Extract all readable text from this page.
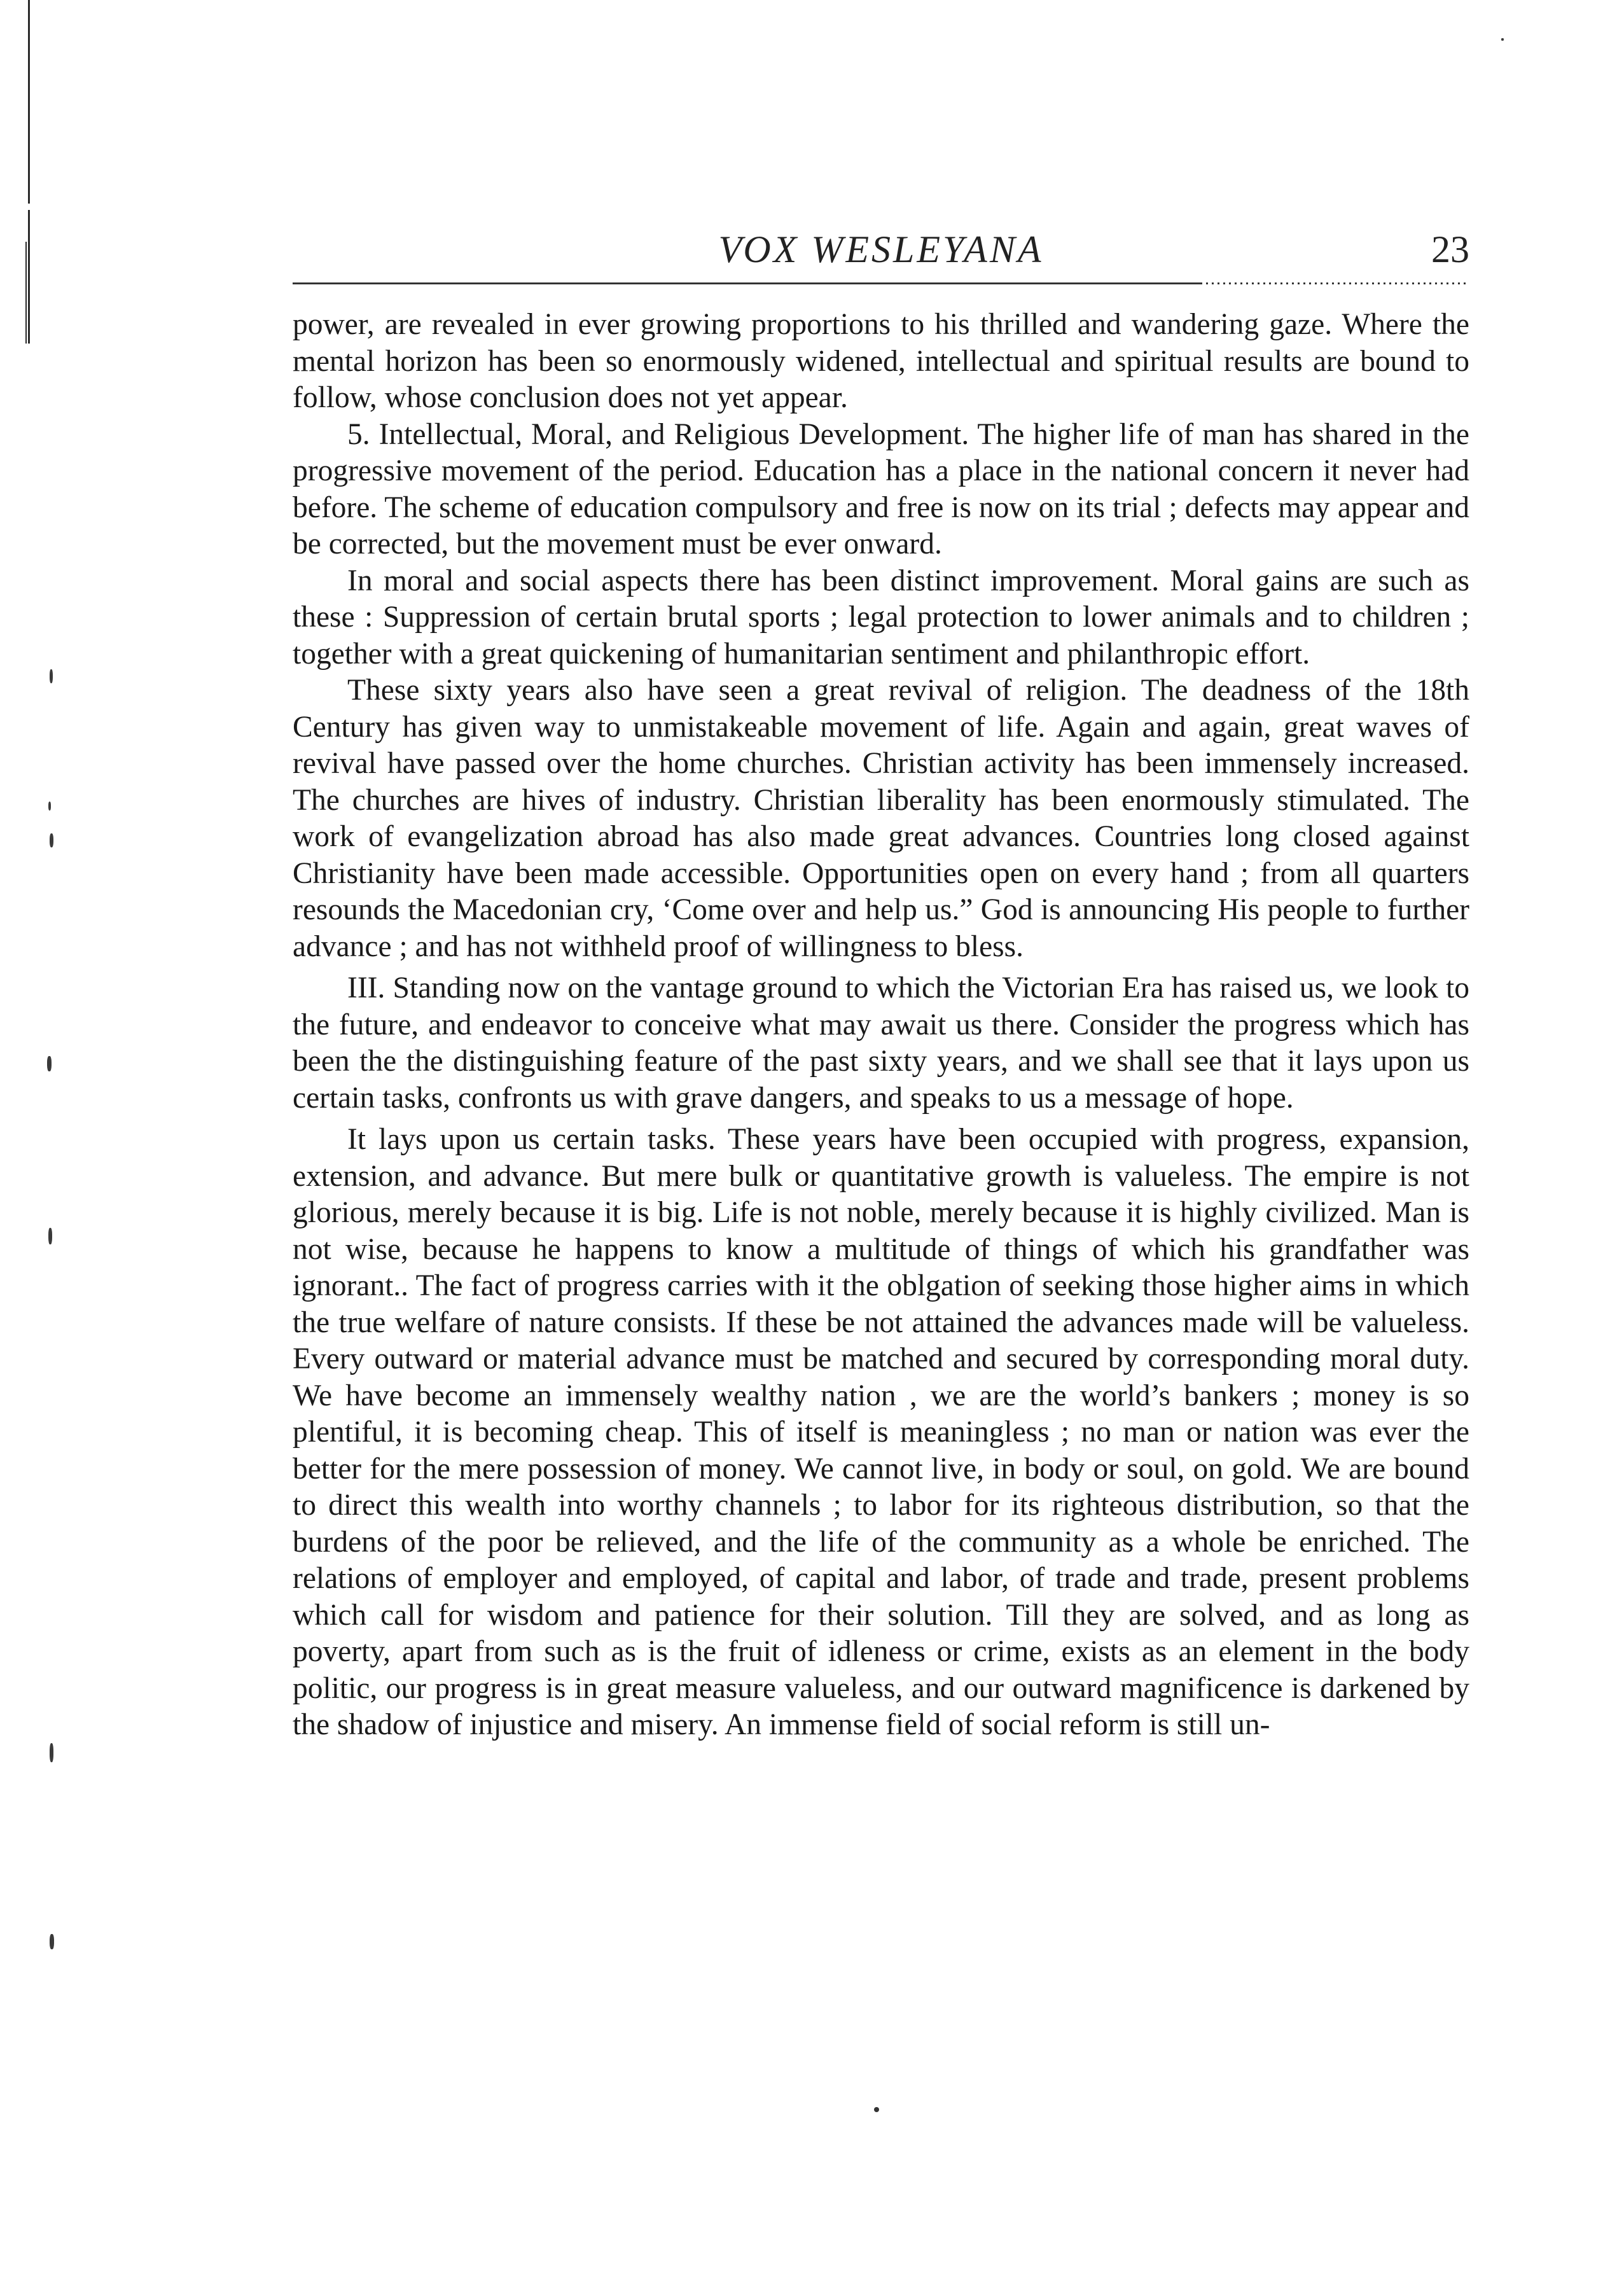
VOX WESLEYANA	23

power, are revealed in ever growing proportions to his thrilled and wandering gaze. Where the mental horizon has been so enormously widened, intellectual and spiritual results are bound to follow, whose conclusion does not yet appear.

5. Intellectual, Moral, and Religious Development. The higher life of man has shared in the progressive movement of the period. Education has a place in the national concern it never had before. The scheme of education compulsory and free is now on its trial ; defects may appear and be corrected, but the movement must be ever onward.

In moral and social aspects there has been distinct improvement. Moral gains are such as these : Suppression of certain brutal sports ; legal protection to lower animals and to children ; together with a great quickening of humanitarian sentiment and philanthropic effort.

These sixty years also have seen a great revival of religion. The deadness of the 18th Century has given way to unmistakeable movement of life. Again and again, great waves of revival have passed over the home churches. Christian activity has been immensely increased. The churches are hives of industry. Christian liberality has been enormously stimulated. The work of evangelization abroad has also made great advances. Countries long closed against Christianity have been made accessible. Opportunities open on every hand ; from all quarters resounds the Macedonian cry, ‘Come over and help us.” God is announcing His people to further advance ; and has not withheld proof of willingness to bless.

III. Standing now on the vantage ground to which the Victorian Era has raised us, we look to the future, and endeavor to conceive what may await us there. Consider the progress which has been the the distinguishing feature of the past sixty years, and we shall see that it lays upon us certain tasks, confronts us with grave dangers, and speaks to us a message of hope.

It lays upon us certain tasks. These years have been occupied with progress, expansion, extension, and advance. But mere bulk or quantitative growth is valueless. The empire is not glorious, merely because it is big. Life is not noble, merely because it is highly civilized. Man is not wise, because he happens to know a multitude of things of which his grandfather was ignorant.. The fact of progress carries with it the oblgation of seeking those higher aims in which the true welfare of nature consists. If these be not attained the advances made will be valueless. Every outward or material advance must be matched and secured by corresponding moral duty. We have become an immensely wealthy nation , we are the world’s bankers ; money is so plentiful, it is becoming cheap. This of itself is meaningless ; no man or nation was ever the better for the mere possession of money. We cannot live, in body or soul, on gold. We are bound to direct this wealth into worthy channels ; to labor for its righteous distribution, so that the burdens of the poor be relieved, and the life of the community as a whole be enriched. The relations of employer and employed, of capital and labor, of trade and trade, present problems which call for wisdom and patience for their solution. Till they are solved, and as long as poverty, apart from such as is the fruit of idleness or crime, exists as an element in the body politic, our progress is in great measure valueless, and our outward magnificence is darkened by the shadow of injustice and misery. An immense field of social reform is still un-
